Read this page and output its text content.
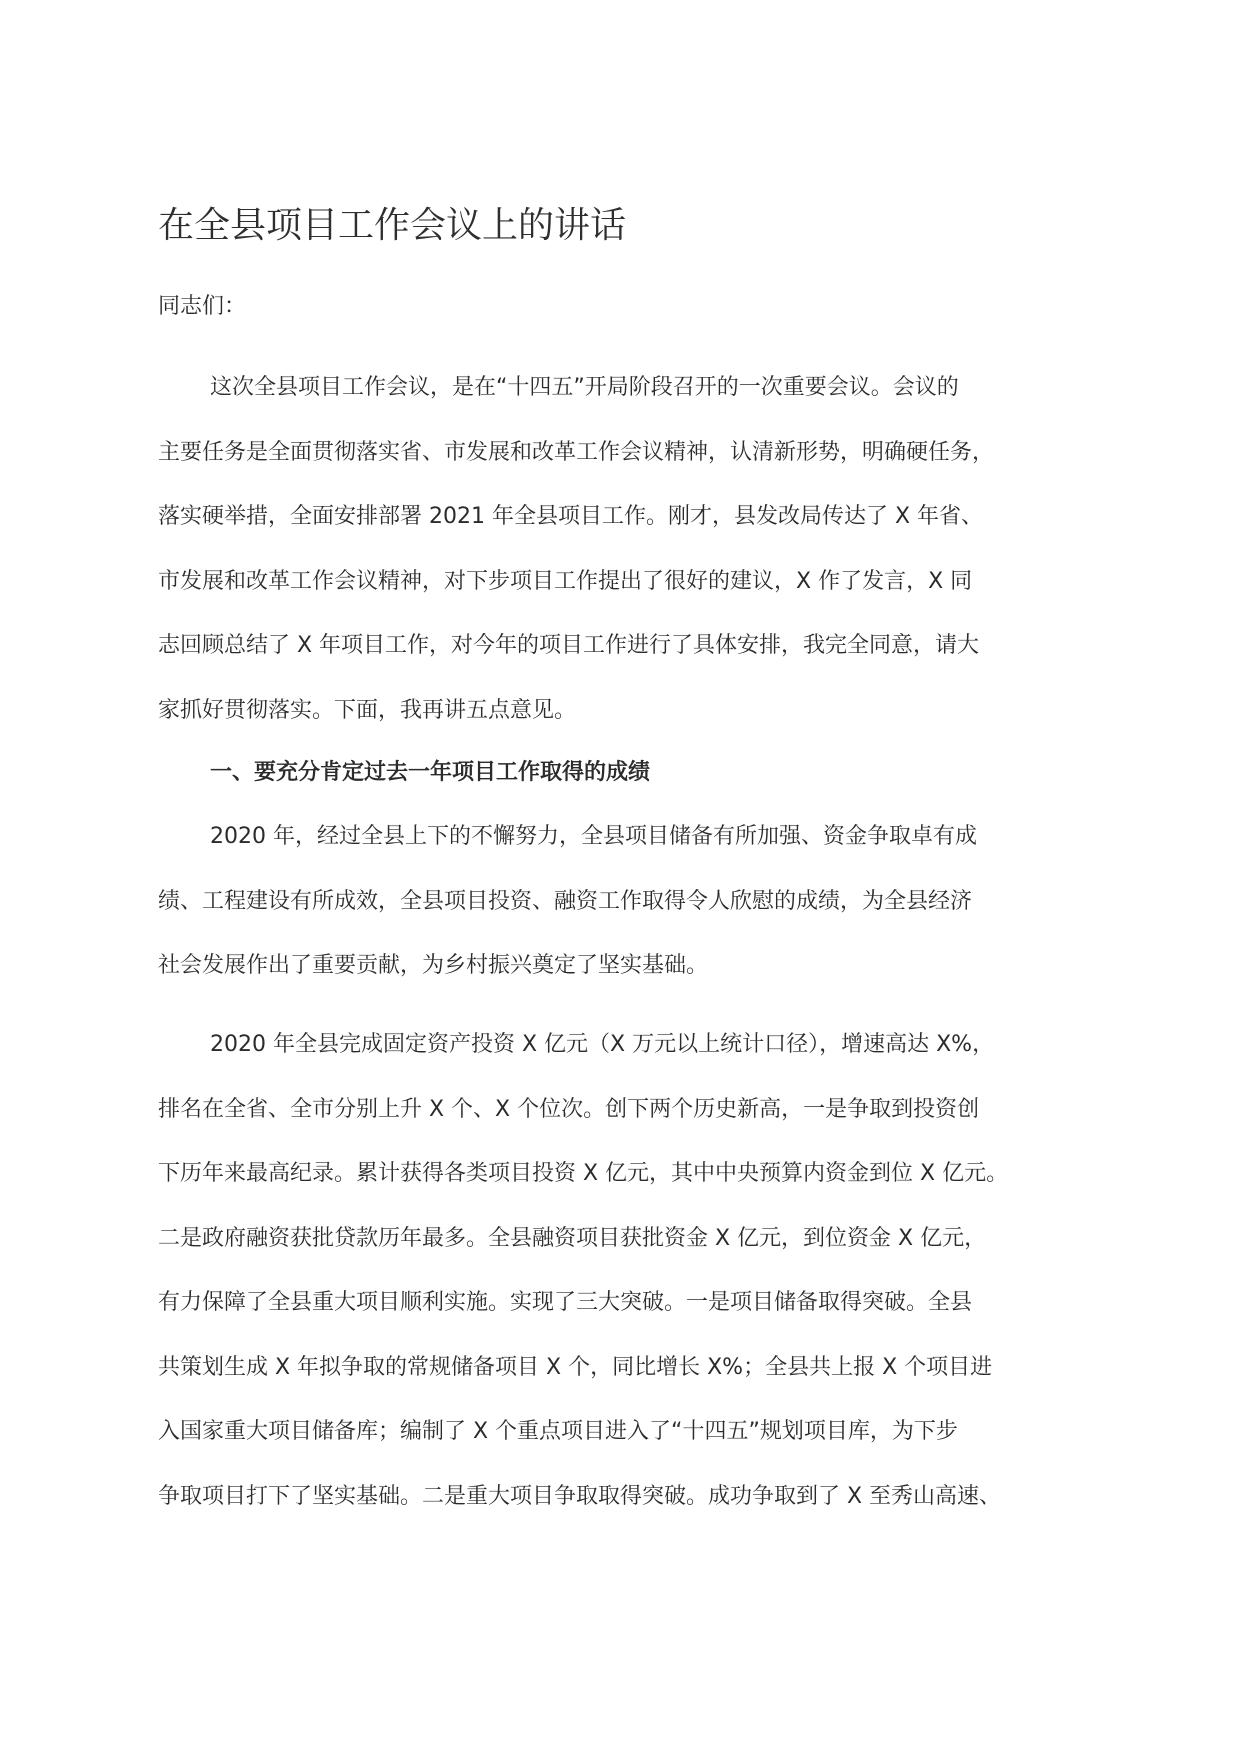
在全县项目工作会议上的讲话

同志们：

这次全县项目工作会议，是在“十四五”开局阶段召开的一次重要会议。会议的
主要任务是全面贯彻落实省、市发展和改革工作会议精神，认清新形势，明确硬任务，
落实硬举措，全面安排部署 2021 年全县项目工作。刚才，县发改局传达了 X 年省、
市发展和改革工作会议精神，对下步项目工作提出了很好的建议，X 作了发言，X 同
志回顾总结了 X 年项目工作，对今年的项目工作进行了具体安排，我完全同意，请大
家抓好贯彻落实。下面，我再讲五点意见。
一、要充分肯定过去一年项目工作取得的成绩
2020 年，经过全县上下的不懈努力，全县项目储备有所加强、资金争取卓有成
绩、工程建设有所成效，全县项目投资、融资工作取得令人欣慰的成绩，为全县经济
社会发展作出了重要贡献，为乡村振兴奠定了坚实基础。
2020 年全县完成固定资产投资 X 亿元（X 万元以上统计口径），增速高达 X%，
排名在全省、全市分别上升 X 个、X 个位次。创下两个历史新高，一是争取到投资创
下历年来最高纪录。累计获得各类项目投资 X 亿元，其中中央预算内资金到位 X 亿元。
二是政府融资获批贷款历年最多。全县融资项目获批资金 X 亿元，到位资金 X 亿元，
有力保障了全县重大项目顺利实施。实现了三大突破。一是项目储备取得突破。全县
共策划生成 X 年拟争取的常规储备项目 X 个，同比增长 X%；全县共上报 X 个项目进
入国家重大项目储备库；编制了 X 个重点项目进入了“十四五”规划项目库，为下步
争取项目打下了坚实基础。二是重大项目争取取得突破。成功争取到了 X 至秀山高速、
